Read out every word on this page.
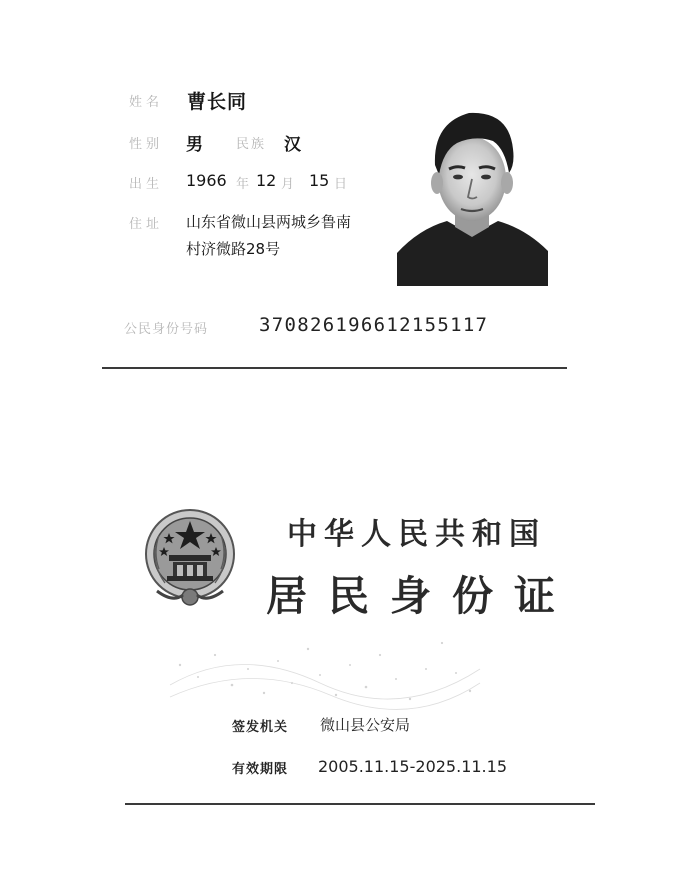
姓名 曹长同
性别 男	民族 汉
出生 1966 年 12 月 15 日
住址 山东省微山县两城乡鲁南
村济微路28号
公民身份号码	370826196612155117
中华人民共和国
居民身份证
签发机关 微山县公安局
有效期限 2005.11.15-2025.11.15
